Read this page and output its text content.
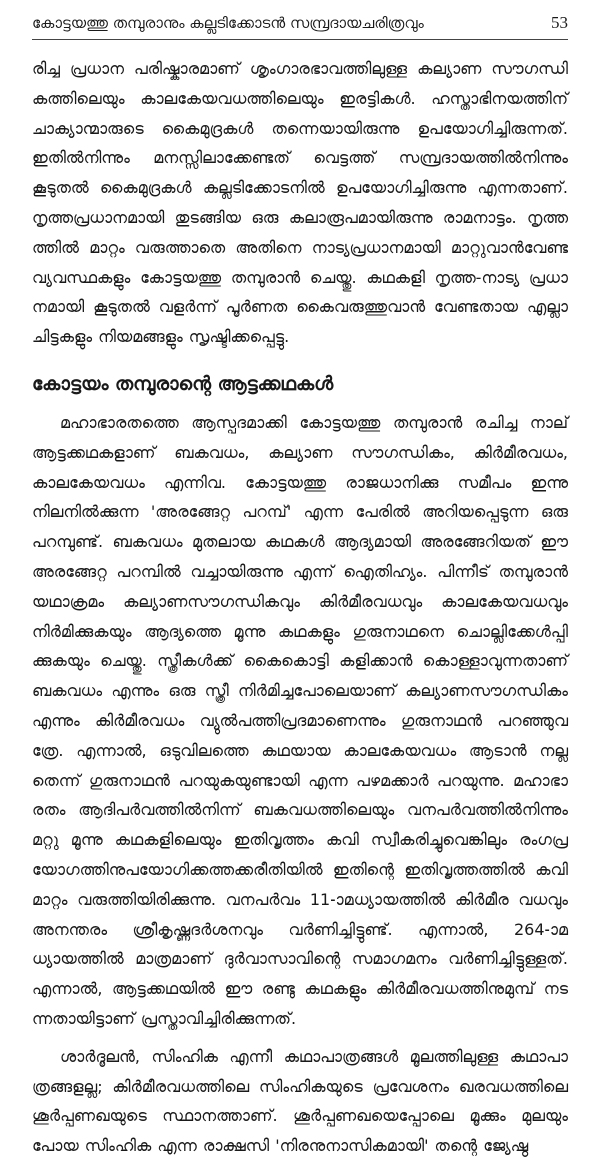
കോട്ടയത്തു തമ്പുരാനും കല്ലടിക്കോടൻ സമ്പ്രദായചരിത്രവും	53

രിച്ച പ്രധാന പരിഷ്കാരമാണ് ശൃംഗാരഭാവത്തിലുള്ള കല്യാണ സൗഗന്ധി കത്തിലെയും കാലകേയവധത്തിലെയും ഇരട്ടികൾ. ഹസ്താഭിനയത്തിന് ചാക്യാന്മാരുടെ കൈമുദ്രകൾ തന്നെയായിരുന്നു ഉപയോഗിച്ചിരുന്നത്. ഇതിൽനിന്നും മനസ്സിലാക്കേണ്ടത് വെട്ടത്ത് സമ്പ്രദായത്തിൽനിന്നും കൂടുതൽ കൈമുദ്രകൾ കല്ലടിക്കോടനിൽ ഉപയോഗിച്ചിരുന്നു എന്നതാണ്. നൃത്തപ്രധാനമായി തുടങ്ങിയ ഒരു കലാരൂപമായിരുന്നു രാമനാട്ടം. നൃത്ത ത്തിൽ മാറ്റം വരുത്താതെ അതിനെ നാട്യപ്രധാനമായി മാറ്റുവാൻവേണ്ട വ്യവസ്ഥകളും കോട്ടയത്തു തമ്പുരാൻ ചെയ്തു. കഥകളി നൃത്ത-നാട്യ പ്രധാ നമായി കൂടുതൽ വളർന്ന് പൂർണത കൈവരുത്തുവാൻ വേണ്ടതായ എല്ലാ ചിട്ടകളും നിയമങ്ങളും സൃഷ്ടിക്കപ്പെട്ടു.

കോട്ടയം തമ്പുരാന്റെ ആട്ടക്കഥകൾ

മഹാഭാരതത്തെ ആസ്പദമാക്കി കോട്ടയത്തു തമ്പുരാൻ രചിച്ച നാല് ആട്ടക്കഥകളാണ് ബകവധം, കല്യാണ സൗഗന്ധികം, കിർമീരവധം, കാലകേയവധം എന്നിവ. കോട്ടയത്തു രാജധാനിക്കു സമീപം ഇന്നു നിലനിൽക്കുന്ന 'അരങ്ങേറ്റ പറമ്പ്' എന്ന പേരിൽ അറിയപ്പെടുന്ന ഒരു പറമ്പുണ്ട്. ബകവധം മുതലായ കഥകൾ ആദ്യമായി അരങ്ങേറിയത് ഈ അരങ്ങേറ്റ പറമ്പിൽ വച്ചായിരുന്നു എന്ന് ഐതിഹ്യം. പിന്നീട് തമ്പുരാൻ യഥാക്രമം കല്യാണസൗഗന്ധികവും കിർമീരവധവും കാലകേയവധവും നിർമിക്കുകയും ആദ്യത്തെ മൂന്നു കഥകളും ഗുരുനാഥനെ ചൊല്ലിക്കേൾപ്പി ക്കുകയും ചെയ്തു. സ്ത്രീകൾക്ക് കൈകൊട്ടി കളിക്കാൻ കൊള്ളാവുന്നതാണ് ബകവധം എന്നും ഒരു സ്ത്രീ നിർമിച്ചപോലെയാണ് കല്യാണസൗഗന്ധികം എന്നും കിർമീരവധം വ്യുൽപത്തിപ്രദമാണെന്നും ഗുരുനാഥൻ പറഞ്ഞുവ ത്രേ. എന്നാൽ, ഒടുവിലത്തെ കഥയായ കാലകേയവധം ആടാൻ നല്ല തെന്ന് ഗുരുനാഥൻ പറയുകയുണ്ടായി എന്ന പഴമക്കാർ പറയുന്നു. മഹാഭാ രതം ആദിപർവത്തിൽനിന്ന് ബകവധത്തിലെയും വനപർവത്തിൽനിന്നും മറ്റു മൂന്നു കഥകളിലെയും ഇതിവൃത്തം കവി സ്വീകരിച്ചുവെങ്കിലും രംഗപ്ര യോഗത്തിനുപയോഗിക്കത്തക്കരീതിയിൽ ഇതിന്റെ ഇതിവൃത്തത്തിൽ കവി മാറ്റം വരുത്തിയിരിക്കുന്നു. വനപർവം 11-ാമധ്യായത്തിൽ കിർമീര വധവും അനന്തരം ശ്രീകൃഷ്ണദർശനവും വർണിച്ചിട്ടുണ്ട്. എന്നാൽ, 264-ാമ ധ്യായത്തിൽ മാത്രമാണ് ദുർവാസാവിന്റെ സമാഗമനം വർണിച്ചിട്ടുള്ളത്. എന്നാൽ, ആട്ടക്കഥയിൽ ഈ രണ്ടു കഥകളും കിർമീരവധത്തിനുമുമ്പ് നട ന്നതായിട്ടാണ് പ്രസ്താവിച്ചിരിക്കുന്നത്.

ശാർദൂലൻ, സിംഹിക എന്നീ കഥാപാത്രങ്ങൾ മൂലത്തിലുള്ള കഥാപാ ത്രങ്ങളല്ല; കിർമീരവധത്തിലെ സിംഹികയുടെ പ്രവേശനം ഖരവധത്തിലെ ശൂർപ്പണഖയുടെ സ്ഥാനത്താണ്. ശൂർപ്പണഖയെപ്പോലെ മൂക്കും മുലയും പോയ സിംഹിക എന്ന രാക്ഷസി 'നിരനുനാസികമായി' തന്റെ ജ്യേഷ്ഠ
